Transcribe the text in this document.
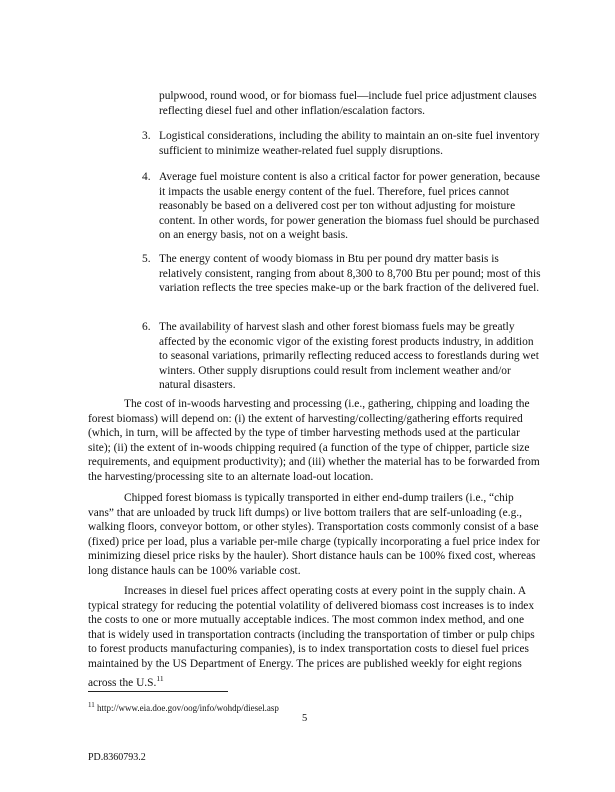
pulpwood, round wood, or for biomass fuel—include fuel price adjustment clauses reflecting diesel fuel and other inflation/escalation factors.

3. Logistical considerations, including the ability to maintain an on-site fuel inventory sufficient to minimize weather-related fuel supply disruptions.
4. Average fuel moisture content is also a critical factor for power generation, because it impacts the usable energy content of the fuel. Therefore, fuel prices cannot reasonably be based on a delivered cost per ton without adjusting for moisture content. In other words, for power generation the biomass fuel should be purchased on an energy basis, not on a weight basis.
5. The energy content of woody biomass in Btu per pound dry matter basis is relatively consistent, ranging from about 8,300 to 8,700 Btu per pound; most of this variation reflects the tree species make-up or the bark fraction of the delivered fuel.
6. The availability of harvest slash and other forest biomass fuels may be greatly affected by the economic vigor of the existing forest products industry, in addition to seasonal variations, primarily reflecting reduced access to forestlands during wet winters. Other supply disruptions could result from inclement weather and/or natural disasters.

The cost of in-woods harvesting and processing (i.e., gathering, chipping and loading the forest biomass) will depend on: (i) the extent of harvesting/collecting/gathering efforts required (which, in turn, will be affected by the type of timber harvesting methods used at the particular site); (ii) the extent of in-woods chipping required (a function of the type of chipper, particle size requirements, and equipment productivity); and (iii) whether the material has to be forwarded from the harvesting/processing site to an alternate load-out location.

Chipped forest biomass is typically transported in either end-dump trailers (i.e., “chip vans” that are unloaded by truck lift dumps) or live bottom trailers that are self-unloading (e.g., walking floors, conveyor bottom, or other styles). Transportation costs commonly consist of a base (fixed) price per load, plus a variable per-mile charge (typically incorporating a fuel price index for minimizing diesel price risks by the hauler). Short distance hauls can be 100% fixed cost, whereas long distance hauls can be 100% variable cost.

Increases in diesel fuel prices affect operating costs at every point in the supply chain. A typical strategy for reducing the potential volatility of delivered biomass cost increases is to index the costs to one or more mutually acceptable indices. The most common index method, and one that is widely used in transportation contracts (including the transportation of timber or pulp chips to forest products manufacturing companies), is to index transportation costs to diesel fuel prices maintained by the US Department of Energy. The prices are published weekly for eight regions across the U.S.$^{11}$

$^{11}$ http://www.eia.doe.gov/oog/info/wohdp/diesel.asp
5
PD.8360793.2
